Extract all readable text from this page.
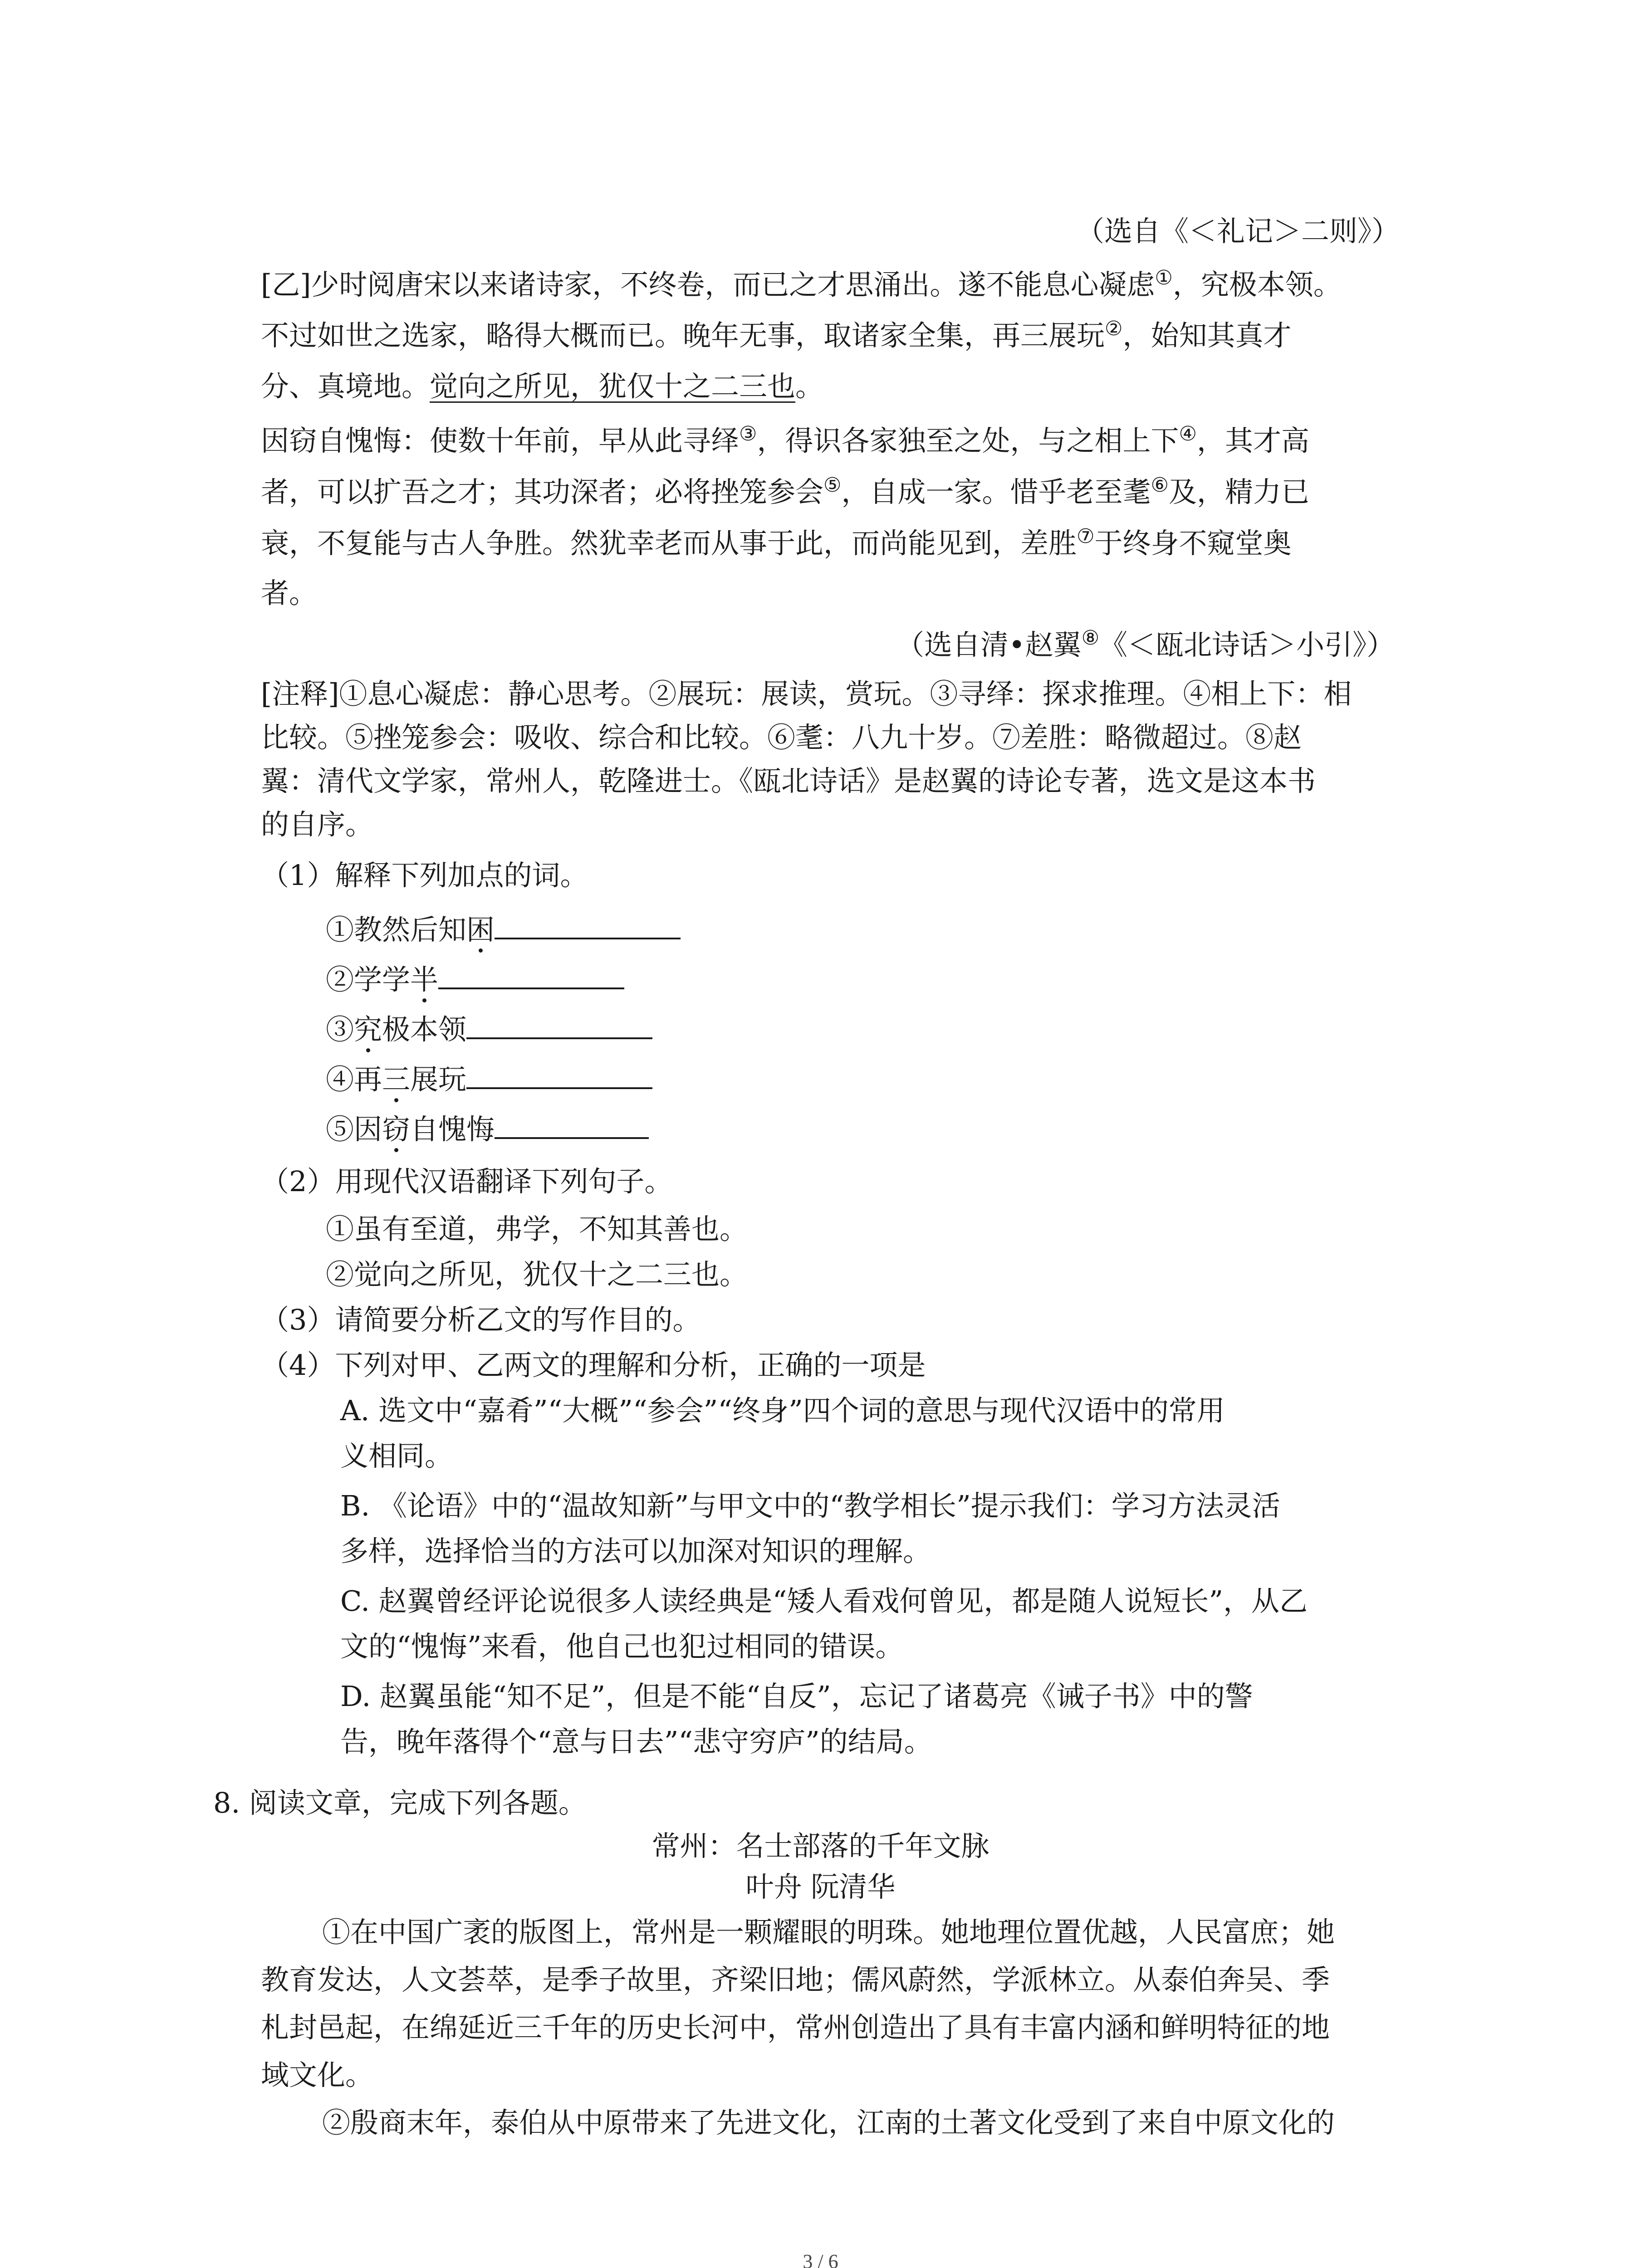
（选自《＜礼记＞二则》）
[乙]少时阅唐宋以来诸诗家，不终卷，而已之才思涌出。遂不能息心凝虑①，究极本领。
不过如世之选家，略得大概而已。晚年无事，取诸家全集，再三展玩②，始知其真才
分、真境地。觉向之所见，犹仅十之二三也。
因窃自愧悔：使数十年前，早从此寻绎③，得识各家独至之处，与之相上下④，其才高
者，可以扩吾之才；其功深者；必将挫笼参会⑤，自成一家。惜乎老至耄⑥及，精力已
衰，不复能与古人争胜。然犹幸老而从事于此，而尚能见到，差胜⑦于终身不窥堂奥
者。
（选自清•赵翼⑧《＜瓯北诗话＞小引》）
[注释]①息心凝虑：静心思考。②展玩：展读，赏玩。③寻绎：探求推理。④相上下：相
比较。⑤挫笼参会：吸收、综合和比较。⑥耄：八九十岁。⑦差胜：略微超过。⑧赵
翼：清代文学家，常州人，乾隆进士。《瓯北诗话》是赵翼的诗论专著，选文是这本书
的自序。
（1）解释下列加点的词。
①教然后知困
②学学半
③究极本领
④再三展玩
⑤因窃自愧悔
（2）用现代汉语翻译下列句子。
①虽有至道，弗学，不知其善也。
②觉向之所见，犹仅十之二三也。
（3）请简要分析乙文的写作目的。
（4）下列对甲、乙两文的理解和分析，正确的一项是
A. 选文中“嘉肴”“大概”“参会”“终身”四个词的意思与现代汉语中的常用
义相同。
B. 《论语》中的“温故知新”与甲文中的“教学相长”提示我们：学习方法灵活
多样，选择恰当的方法可以加深对知识的理解。
C. 赵翼曾经评论说很多人读经典是“矮人看戏何曾见，都是随人说短长”，从乙
文的“愧悔”来看，他自己也犯过相同的错误。
D. 赵翼虽能“知不足”，但是不能“自反”，忘记了诸葛亮《诫子书》中的警
告，晚年落得个“意与日去”“悲守穷庐”的结局。
8. 阅读文章，完成下列各题。
常州：名士部落的千年文脉
叶舟 阮清华
①在中国广袤的版图上，常州是一颗耀眼的明珠。她地理位置优越，人民富庶；她
教育发达，人文荟萃，是季子故里，齐梁旧地；儒风蔚然，学派林立。从泰伯奔吴、季
札封邑起，在绵延近三千年的历史长河中，常州创造出了具有丰富内涵和鲜明特征的地
域文化。
②殷商末年，泰伯从中原带来了先进文化，江南的土著文化受到了来自中原文化的
3 / 6
